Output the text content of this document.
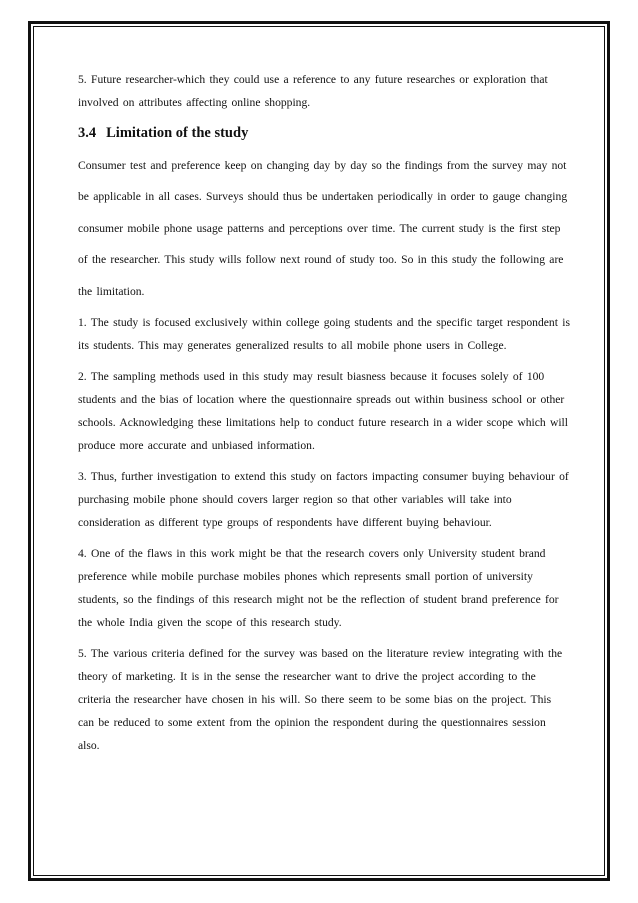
5. Future researcher-which they could use a reference to any future researches or exploration that involved on attributes affecting online shopping.

3.4 Limitation of the study

Consumer test and preference keep on changing day by day so the findings from the survey may not be applicable in all cases. Surveys should thus be undertaken periodically in order to gauge changing consumer mobile phone usage patterns and perceptions over time. The current study is the first step of the researcher. This study wills follow next round of study too. So in this study the following are the limitation.

1. The study is focused exclusively within college going students and the specific target respondent is its students. This may generates generalized results to all mobile phone users in College.

2. The sampling methods used in this study may result biasness because it focuses solely of 100 students and the bias of location where the questionnaire spreads out within business school or other schools. Acknowledging these limitations help to conduct future research in a wider scope which will produce more accurate and unbiased information.

3. Thus, further investigation to extend this study on factors impacting consumer buying behaviour of purchasing mobile phone should covers larger region so that other variables will take into consideration as different type groups of respondents have different buying behaviour.

4. One of the flaws in this work might be that the research covers only University student brand preference while mobile purchase mobiles phones which represents small portion of university students, so the findings of this research might not be the reflection of student brand preference for the whole India given the scope of this research study.

5. The various criteria defined for the survey was based on the literature review integrating with the theory of marketing. It is in the sense the researcher want to drive the project according to the criteria the researcher have chosen in his will. So there seem to be some bias on the project. This can be reduced to some extent from the opinion the respondent during the questionnaires session also.
